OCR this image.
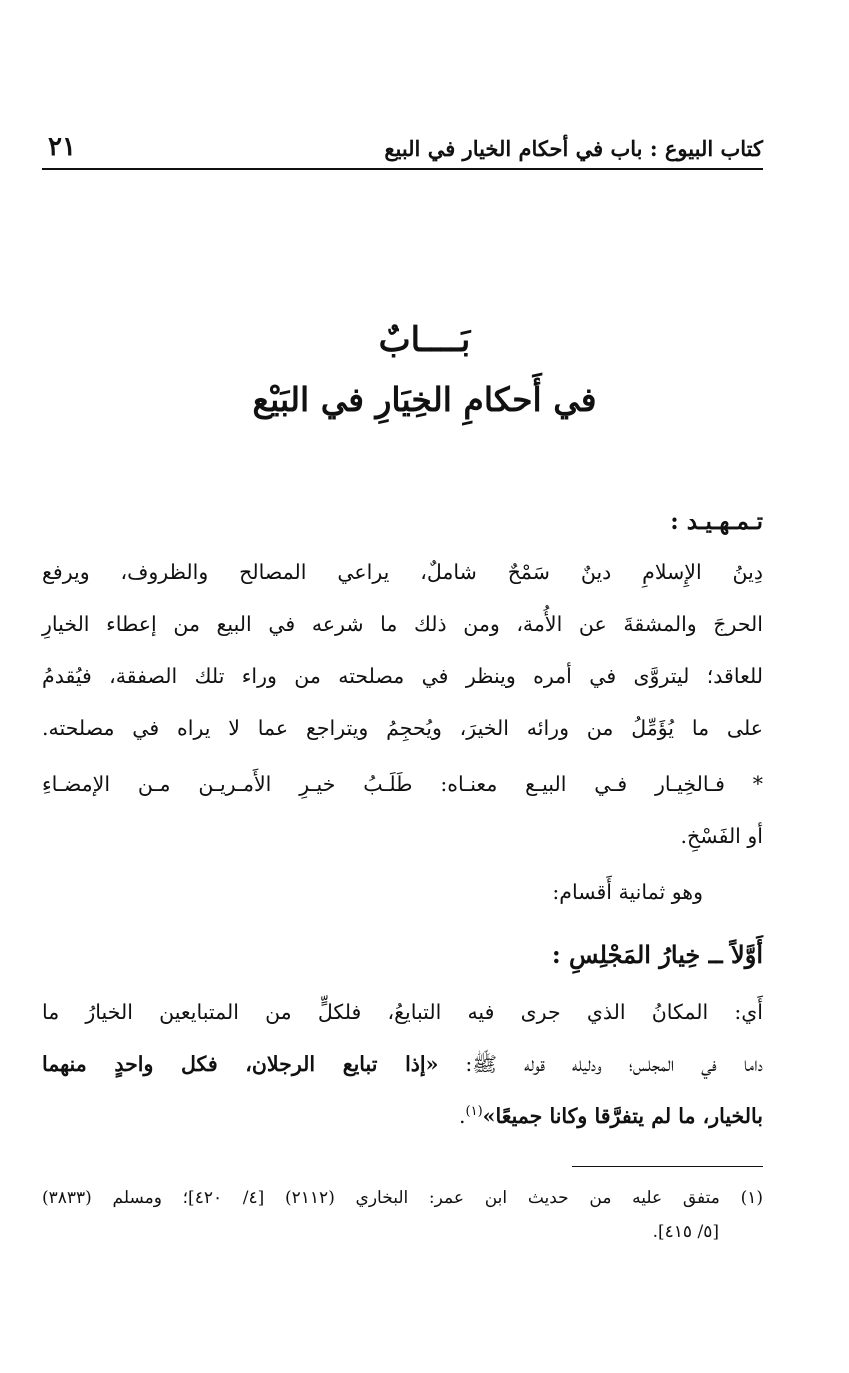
كتاب البيوع : باب في أحكام الخيار في البيع
٢١
بَــــابٌ
في أَحكامِ الخِيَارِ في البَيْع
تـمـهـيـد :
دِينُ الإِسلامِ دينٌ سَمْحٌ شاملٌ، يراعي المصالح والظروف، ويرفع
الحرجَ والمشقةَ عن الأُمة، ومن ذلك ما شرعه في البيع من إعطاء الخيارِ
للعاقد؛ ليتروَّى في أمره وينظر في مصلحته من وراء تلك الصفقة، فيُقدمُ
على ما يُؤَمِّلُ من ورائه الخيرَ، ويُحجِمُ ويتراجع عما لا يراه في مصلحته.
* فـالخِيـار فـي البيـع معنـاه: طَلَـبُ خيـرِ الأَمـريـن مـن الإمضـاءِ
أو الفَسْخِ.
وهو ثمانية أَقسام:
أَوَّلاً ــ خِيارُ المَجْلِسِ :
أَي: المكانُ الذي جرى فيه التبايعُ، فلكلٍّ من المتبايعين الخيارُ ما
داما في المجلس؛ ودليله قوله ﷺ: «إذا تبايع الرجلان، فكل واحدٍ منهما
بالخيار، ما لم يتفرَّقا وكانا جميعًا»$^{(١)}$.
(١) متفق عليه من حديث ابن عمر: البخاري (٢١١٢) [٤/ ٤٢٠]؛ ومسلم (٣٨٣٣)
[٥/ ٤١٥].
